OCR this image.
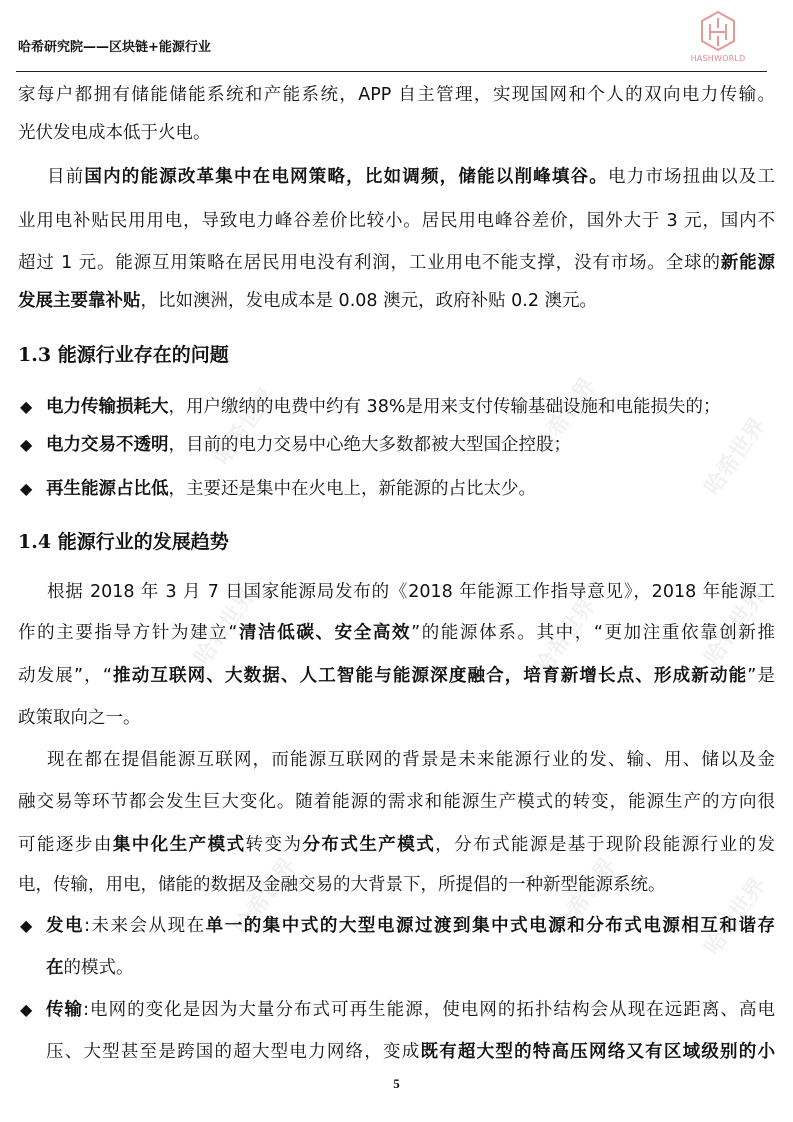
哈希研究院——区块链+能源行业
HASHWORLD
家每户都拥有储能储能系统和产能系统，APP 自主管理，实现国网和个人的双向电力传输。
光伏发电成本低于火电。
目前国内的能源改革集中在电网策略，比如调频，储能以削峰填谷。电力市场扭曲以及工
业用电补贴民用用电，导致电力峰谷差价比较小。居民用电峰谷差价，国外大于 3 元，国内不
超过 1 元。能源互用策略在居民用电没有利润，工业用电不能支撑，没有市场。全球的新能源
发展主要靠补贴，比如澳洲，发电成本是 0.08 澳元，政府补贴 0.2 澳元。
◆ 电力传输损耗大，用户缴纳的电费中约有 38%是用来支付传输基础设施和电能损失的；
◆ 电力交易不透明，目前的电力交易中心绝大多数都被大型国企控股；
◆ 再生能源占比低，主要还是集中在火电上，新能源的占比太少。
根据 2018 年 3 月 7 日国家能源局发布的《2018 年能源工作指导意见》，2018 年能源工
作的主要指导方针为建立“清洁低碳、安全高效”的能源体系。其中，“更加注重依靠创新推
动发展”，“推动互联网、大数据、人工智能与能源深度融合，培育新增长点、形成新动能”是
政策取向之一。
现在都在提倡能源互联网，而能源互联网的背景是未来能源行业的发、输、用、储以及金
融交易等环节都会发生巨大变化。随着能源的需求和能源生产模式的转变，能源生产的方向很
可能逐步由集中化生产模式转变为分布式生产模式，分布式能源是基于现阶段能源行业的发
电，传输，用电，储能的数据及金融交易的大背景下，所提倡的一种新型能源系统。
◆ 发电:未来会从现在单一的集中式的大型电源过渡到集中式电源和分布式电源相互和谐存
在的模式。
◆ 传输:电网的变化是因为大量分布式可再生能源，使电网的拓扑结构会从现在远距离、高电
压、大型甚至是跨国的超大型电力网络，变成既有超大型的特高压网络又有区域级别的小
1.3 能源行业存在的问题
1.4 能源行业的发展趋势
5
哈希世界	哈希世界	哈希世界
哈希世界	哈希世界	哈希世界
哈希世界	哈希世界	哈希世界
